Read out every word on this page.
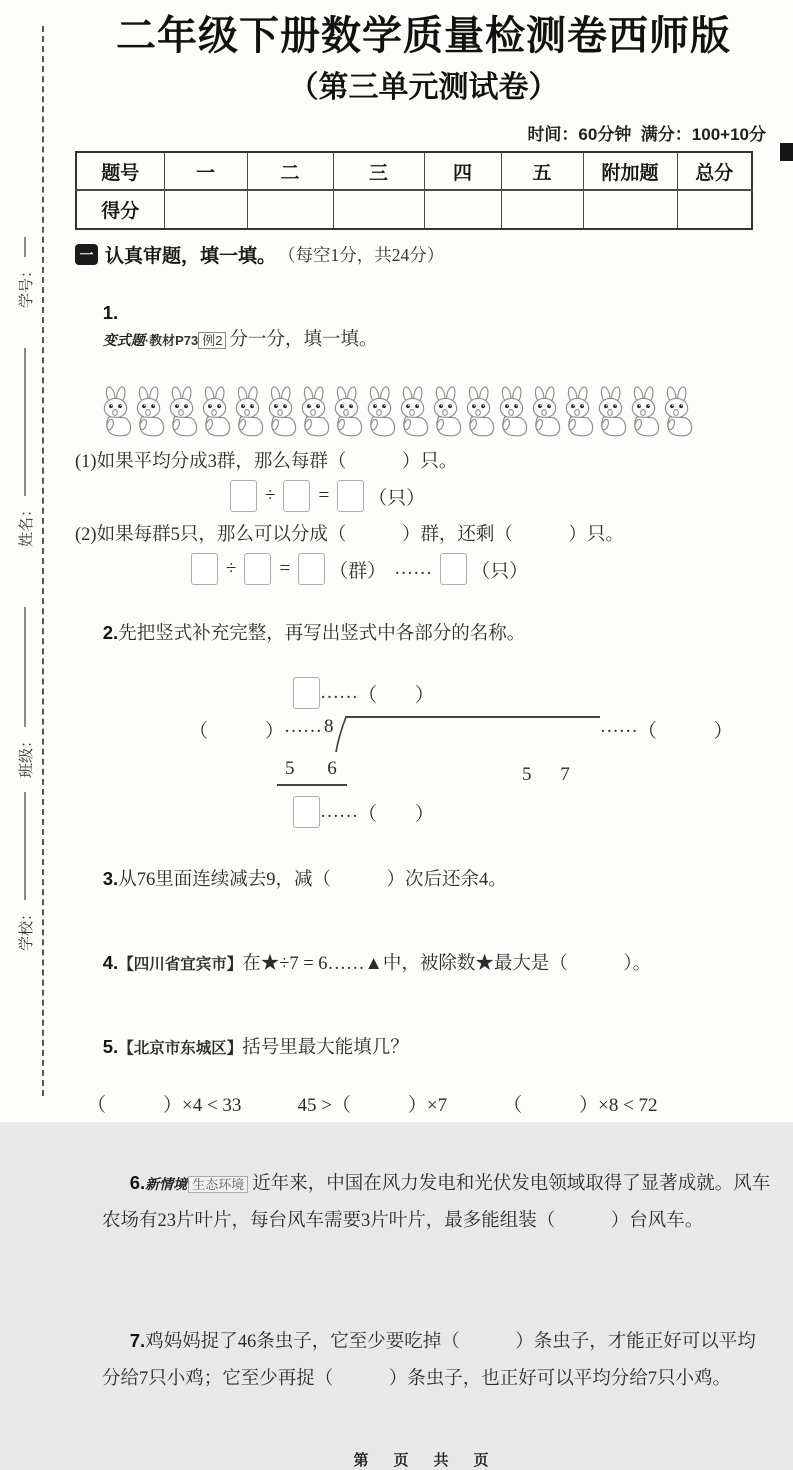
学校：
班级：
姓名：
学号：
二年级下册数学质量检测卷西师版
（第三单元测试卷）
时间：60分钟  满分：100+10分
题号	一	二	三	四	五	附加题	总分
得分							
一 认真审题，填一填。 （每空1分，共24分）

1.
变式题·教材P73 例2 分一分，填一填。

(1)如果平均分成3群，那么每群（　　　）只。
÷ = （只）
(2)如果每群5只，那么可以分成（　　　）群，还剩（　　　）只。
÷ = （群） …… （只）

2.先把竖式补充完整，再写出竖式中各部分的名称。

…… （　　）
（　　　） …… 8

5 7

…… （　　　）
5 6
…… （　　）

3.从76里面连续减去9，减（　　　）次后还余4。

4.【四川省宜宾市】在★÷7 = 6……▲中，被除数★最大是（　　　）。

5.【北京市东城区】括号里最大能填几？

（　　　）×4 < 33	45 >（　　　）×7	（　　　）×8 < 72

6.新情境 生态环境 近年来，中国在风力发电和光伏发电领域取得了显著成就。风车农场有23片叶片，每台风车需要3片叶片，最多能组装（　　　）台风车。

7.鸡妈妈捉了46条虫子，它至少要吃掉（　　　）条虫子，才能正好可以平均分给7只小鸡；它至少再捉（　　　）条虫子，也正好可以平均分给7只小鸡。

第　页　共　页
